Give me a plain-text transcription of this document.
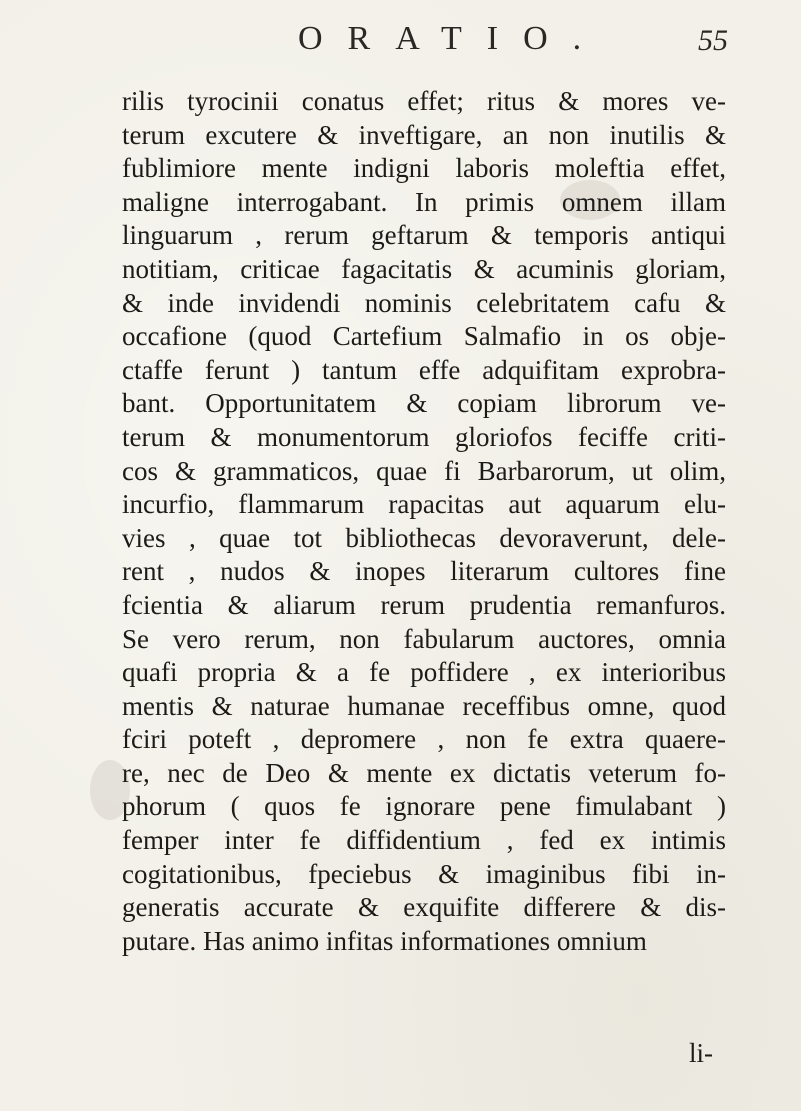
ORATIO.	55
rilis tyrocinii conatus effet; ritus & mores ve-
terum excutere & inveftigare, an non inutilis &
fublimiore mente indigni laboris moleftia effet,
maligne interrogabant. In primis omnem illam
linguarum , rerum geftarum & temporis antiqui
notitiam, criticae fagacitatis & acuminis gloriam,
& inde invidendi nominis celebritatem cafu &
occafione (quod Cartefium Salmafio in os obje-
ctaffe ferunt ) tantum effe adquifitam exprobra-
bant. Opportunitatem & copiam librorum ve-
terum & monumentorum gloriofos feciffe criti-
cos & grammaticos, quae fi Barbarorum, ut olim,
incurfio, flammarum rapacitas aut aquarum elu-
vies , quae tot bibliothecas devoraverunt, dele-
rent , nudos & inopes literarum cultores fine
fcientia & aliarum rerum prudentia remanfuros.
Se vero rerum, non fabularum auctores, omnia
quafi propria & a fe poffidere , ex interioribus
mentis & naturae humanae receffibus omne, quod
fciri poteft , depromere , non fe extra quaere-
re, nec de Deo & mente ex dictatis veterum fo-
phorum ( quos fe ignorare pene fimulabant )
femper inter fe diffidentium , fed ex intimis
cogitationibus, fpeciebus & imaginibus fibi in-
generatis accurate & exquifite differere & dis-
putare. Has animo infitas informationes omnium
li-
